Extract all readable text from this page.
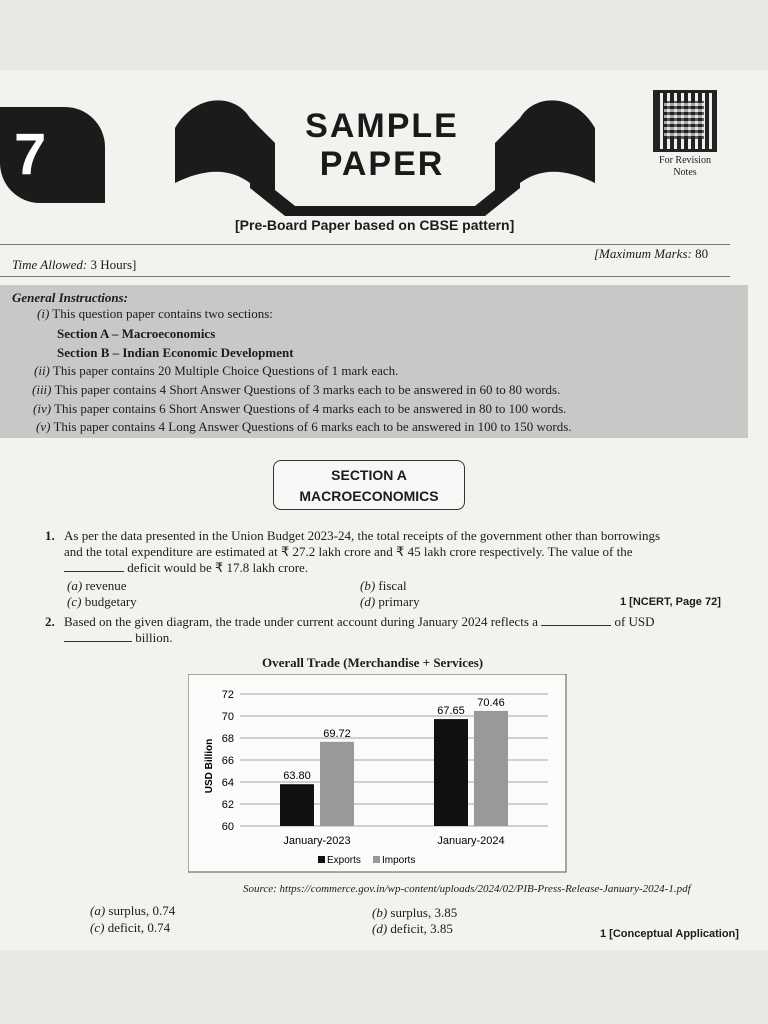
7	SAMPLE
PAPER	For Revision
Notes
[Pre-Board Paper based on CBSE pattern]
Time Allowed: 3 Hours]
[Maximum Marks: 80
General Instructions:
(i) This question paper contains two sections:
Section A – Macroeconomics
Section B – Indian Economic Development
(ii) This paper contains 20 Multiple Choice Questions of 1 mark each.
(iii) This paper contains 4 Short Answer Questions of 3 marks each to be answered in 60 to 80 words.
(iv) This paper contains 6 Short Answer Questions of 4 marks each to be answered in 80 to 100 words.
(v) This paper contains 4 Long Answer Questions of 6 marks each to be answered in 100 to 150 words.
SECTION A
MACROECONOMICS
1. As per the data presented in the Union Budget 2023-24, the total receipts of the government other than borrowings
and the total expenditure are estimated at ₹ 27.2 lakh crore and ₹ 45 lakh crore respectively. The value of the
deficit would be ₹ 17.8 lakh crore.
(a) revenue	(b) fiscal
(c) budgetary	(d) primary	1 [NCERT, Page 72]
2. Based on the given diagram, the trade under current account during January 2024 reflects a	of USD
billion.
Overall Trade (Merchandise + Services)
60
62
64
66
68
70
72
63.80
69.72
January-2023
67.65
70.46
January-2024
USD Billion
Exports Imports
Source: https://commerce.gov.in/wp-content/uploads/2024/02/PIB-Press-Release-January-2024-1.pdf
(a) surplus, 0.74	(b) surplus, 3.85
(c) deficit, 0.74	(d) deficit, 3.85	1 [Conceptual Application]
